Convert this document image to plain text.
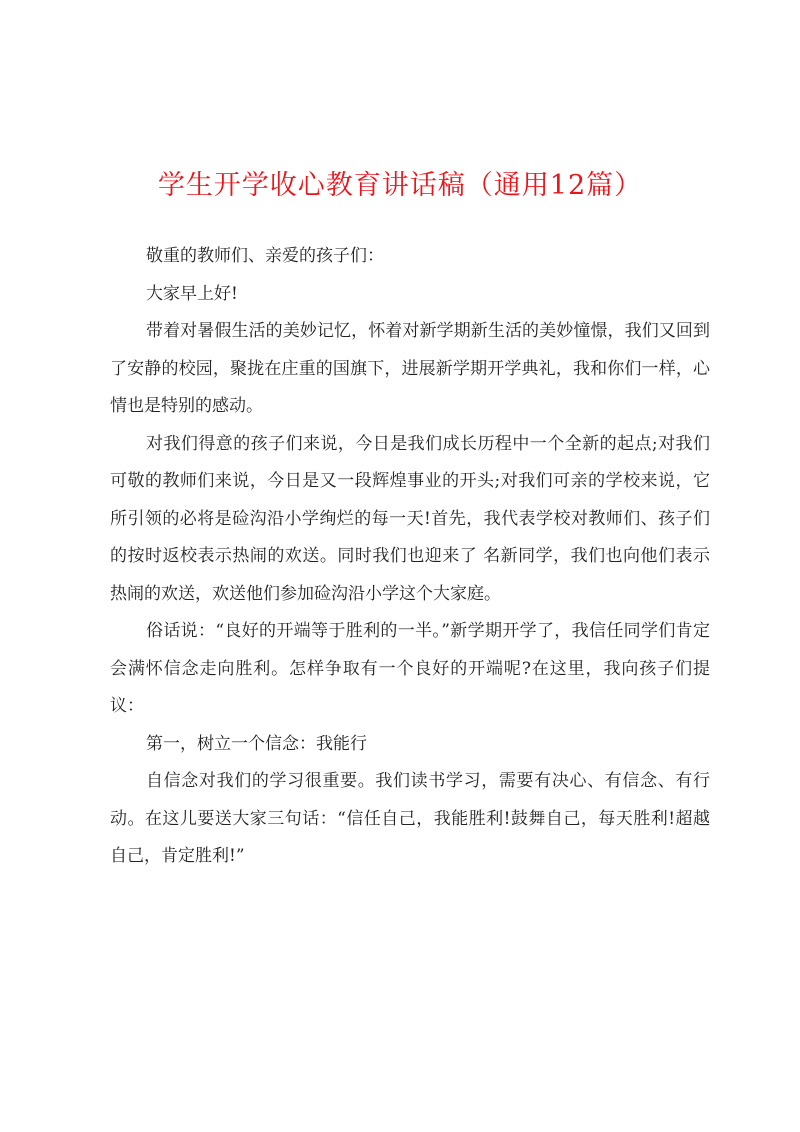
学生开学收心教育讲话稿（通用12篇）

敬重的教师们、亲爱的孩子们：

大家早上好!

带着对暑假生活的美妙记忆，怀着对新学期新生活的美妙憧憬，我们又回到了安静的校园，聚拢在庄重的国旗下，进展新学期开学典礼，我和你们一样，心情也是特别的感动。

对我们得意的孩子们来说，今日是我们成长历程中一个全新的起点;对我们可敬的教师们来说，今日是又一段辉煌事业的开头;对我们可亲的学校来说，它所引领的必将是硷沟沿小学绚烂的每一天!首先，我代表学校对教师们、孩子们的按时返校表示热闹的欢送。同时我们也迎来了 名新同学，我们也向他们表示热闹的欢送，欢送他们参加硷沟沿小学这个大家庭。

俗话说：“良好的开端等于胜利的一半。”新学期开学了，我信任同学们肯定会满怀信念走向胜利。怎样争取有一个良好的开端呢?在这里，我向孩子们提议：

第一，树立一个信念：我能行

自信念对我们的学习很重要。我们读书学习，需要有决心、有信念、有行动。在这儿要送大家三句话：“信任自己，我能胜利!鼓舞自己，每天胜利!超越自己，肯定胜利!”
